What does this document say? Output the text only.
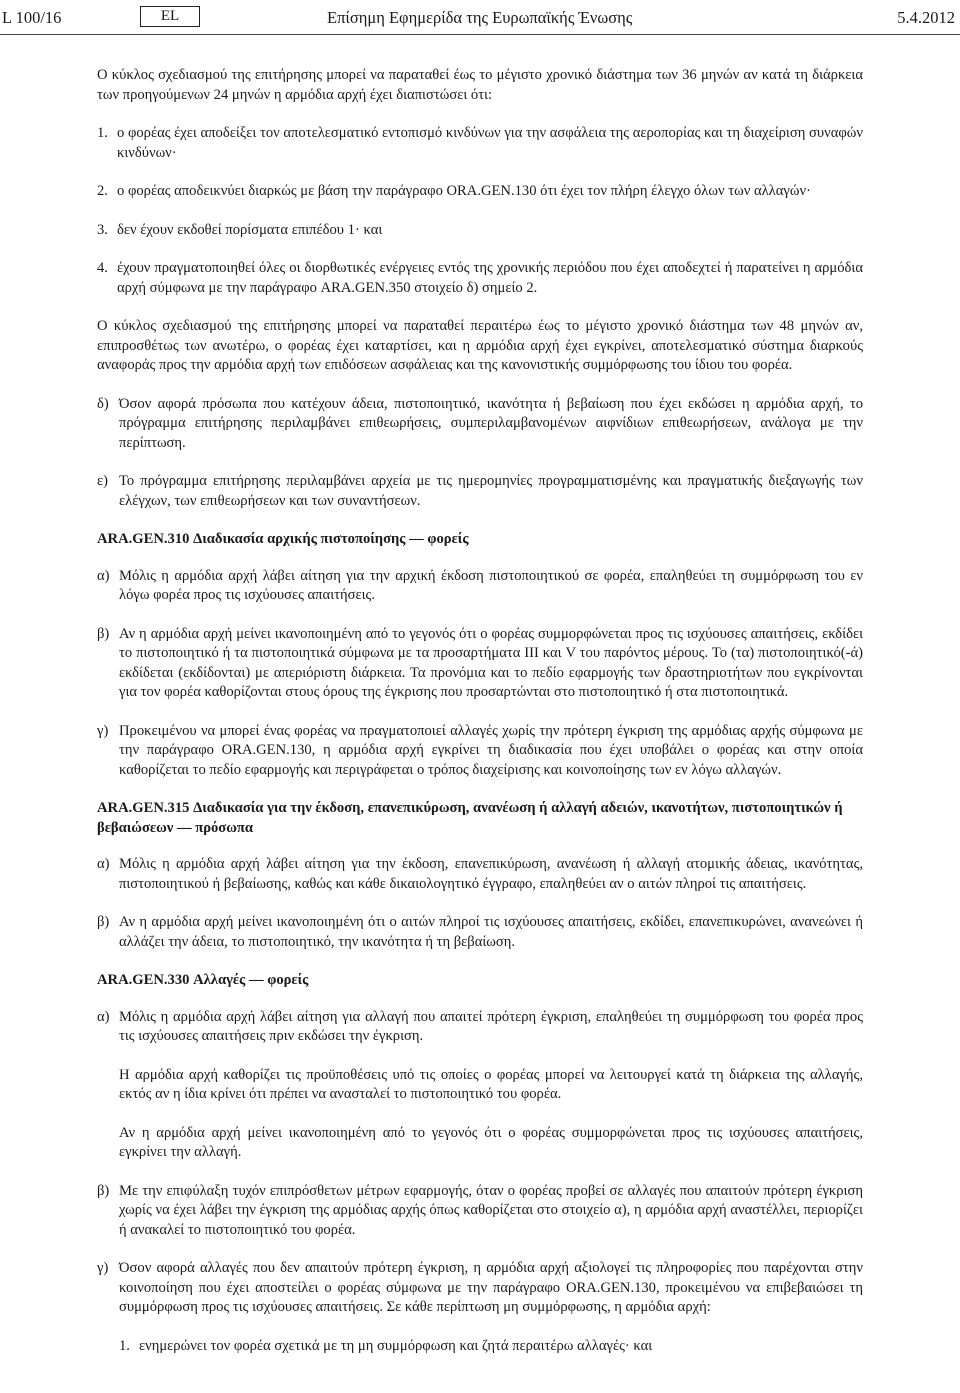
L 100/16	EL	Επίσημη Εφημερίδα της Ευρωπαϊκής Ένωσης	5.4.2012

Ο κύκλος σχεδιασμού της επιτήρησης μπορεί να παραταθεί έως το μέγιστο χρονικό διάστημα των 36 μηνών αν κατά τη διάρκεια των προηγούμενων 24 μηνών η αρμόδια αρχή έχει διαπιστώσει ότι:

1. ο φορέας έχει αποδείξει τον αποτελεσματικό εντοπισμό κινδύνων για την ασφάλεια της αεροπορίας και τη διαχείριση συναφών κινδύνων·
2. ο φορέας αποδεικνύει διαρκώς με βάση την παράγραφο ORA.GEN.130 ότι έχει τον πλήρη έλεγχο όλων των αλλαγών·
3. δεν έχουν εκδοθεί πορίσματα επιπέδου 1· και
4. έχουν πραγματοποιηθεί όλες οι διορθωτικές ενέργειες εντός της χρονικής περιόδου που έχει αποδεχτεί ή παρατείνει η αρμόδια αρχή σύμφωνα με την παράγραφο ARA.GEN.350 στοιχείο δ) σημείο 2.

Ο κύκλος σχεδιασμού της επιτήρησης μπορεί να παραταθεί περαιτέρω έως το μέγιστο χρονικό διάστημα των 48 μηνών αν, επιπροσθέτως των ανωτέρω, ο φορέας έχει καταρτίσει, και η αρμόδια αρχή έχει εγκρίνει, αποτελεσματικό σύστημα διαρκούς αναφοράς προς την αρμόδια αρχή των επιδόσεων ασφάλειας και της κανονιστικής συμμόρφωσης του ίδιου του φορέα.

δ) Όσον αφορά πρόσωπα που κατέχουν άδεια, πιστοποιητικό, ικανότητα ή βεβαίωση που έχει εκδώσει η αρμόδια αρχή, το πρόγραμμα επιτήρησης περιλαμβάνει επιθεωρήσεις, συμπεριλαμβανομένων αιφνίδιων επιθεωρήσεων, ανάλογα με την περίπτωση.
ε) Το πρόγραμμα επιτήρησης περιλαμβάνει αρχεία με τις ημερομηνίες προγραμματισμένης και πραγματικής διεξαγωγής των ελέγχων, των επιθεωρήσεων και των συναντήσεων.
ARA.GEN.310 Διαδικασία αρχικής πιστοποίησης — φορείς
α) Μόλις η αρμόδια αρχή λάβει αίτηση για την αρχική έκδοση πιστοποιητικού σε φορέα, επαληθεύει τη συμμόρφωση του εν λόγω φορέα προς τις ισχύουσες απαιτήσεις.
β) Αν η αρμόδια αρχή μείνει ικανοποιημένη από το γεγονός ότι ο φορέας συμμορφώνεται προς τις ισχύουσες απαιτήσεις, εκδίδει το πιστοποιητικό ή τα πιστοποιητικά σύμφωνα με τα προσαρτήματα III και V του παρόντος μέρους. Το (τα) πιστοποιητικό(-ά) εκδίδεται (εκδίδονται) με απεριόριστη διάρκεια. Τα προνόμια και το πεδίο εφαρμογής των δραστηριοτήτων που εγκρίνονται για τον φορέα καθορίζονται στους όρους της έγκρισης που προσαρτώνται στο πιστοποιητικό ή στα πιστοποιητικά.
γ) Προκειμένου να μπορεί ένας φορέας να πραγματοποιεί αλλαγές χωρίς την πρότερη έγκριση της αρμόδιας αρχής σύμφωνα με την παράγραφο ORA.GEN.130, η αρμόδια αρχή εγκρίνει τη διαδικασία που έχει υποβάλει ο φορέας και στην οποία καθορίζεται το πεδίο εφαρμογής και περιγράφεται ο τρόπος διαχείρισης και κοινοποίησης των εν λόγω αλλαγών.
ARA.GEN.315 Διαδικασία για την έκδοση, επανεπικύρωση, ανανέωση ή αλλαγή αδειών, ικανοτήτων, πιστοποιητικών ή βεβαιώσεων — πρόσωπα
α) Μόλις η αρμόδια αρχή λάβει αίτηση για την έκδοση, επανεπικύρωση, ανανέωση ή αλλαγή ατομικής άδειας, ικανότητας, πιστοποιητικού ή βεβαίωσης, καθώς και κάθε δικαιολογητικό έγγραφο, επαληθεύει αν ο αιτών πληροί τις απαιτήσεις.
β) Αν η αρμόδια αρχή μείνει ικανοποιημένη ότι ο αιτών πληροί τις ισχύουσες απαιτήσεις, εκδίδει, επανεπικυρώνει, ανανεώνει ή αλλάζει την άδεια, το πιστοποιητικό, την ικανότητα ή τη βεβαίωση.
ARA.GEN.330 Αλλαγές — φορείς
α) Μόλις η αρμόδια αρχή λάβει αίτηση για αλλαγή που απαιτεί πρότερη έγκριση, επαληθεύει τη συμμόρφωση του φορέα προς τις ισχύουσες απαιτήσεις πριν εκδώσει την έγκριση.

Η αρμόδια αρχή καθορίζει τις προϋποθέσεις υπό τις οποίες ο φορέας μπορεί να λειτουργεί κατά τη διάρκεια της αλλαγής, εκτός αν η ίδια κρίνει ότι πρέπει να ανασταλεί το πιστοποιητικό του φορέα.

Αν η αρμόδια αρχή μείνει ικανοποιημένη από το γεγονός ότι ο φορέας συμμορφώνεται προς τις ισχύουσες απαιτήσεις, εγκρίνει την αλλαγή.

β) Με την επιφύλαξη τυχόν επιπρόσθετων μέτρων εφαρμογής, όταν ο φορέας προβεί σε αλλαγές που απαιτούν πρότερη έγκριση χωρίς να έχει λάβει την έγκριση της αρμόδιας αρχής όπως καθορίζεται στο στοιχείο α), η αρμόδια αρχή αναστέλλει, περιορίζει ή ανακαλεί το πιστοποιητικό του φορέα.
γ) Όσον αφορά αλλαγές που δεν απαιτούν πρότερη έγκριση, η αρμόδια αρχή αξιολογεί τις πληροφορίες που παρέχονται στην κοινοποίηση που έχει αποστείλει ο φορέας σύμφωνα με την παράγραφο ORA.GEN.130, προκειμένου να επιβεβαιώσει τη συμμόρφωση προς τις ισχύουσες απαιτήσεις. Σε κάθε περίπτωση μη συμμόρφωσης, η αρμόδια αρχή:
1. ενημερώνει τον φορέα σχετικά με τη μη συμμόρφωση και ζητά περαιτέρω αλλαγές· και
